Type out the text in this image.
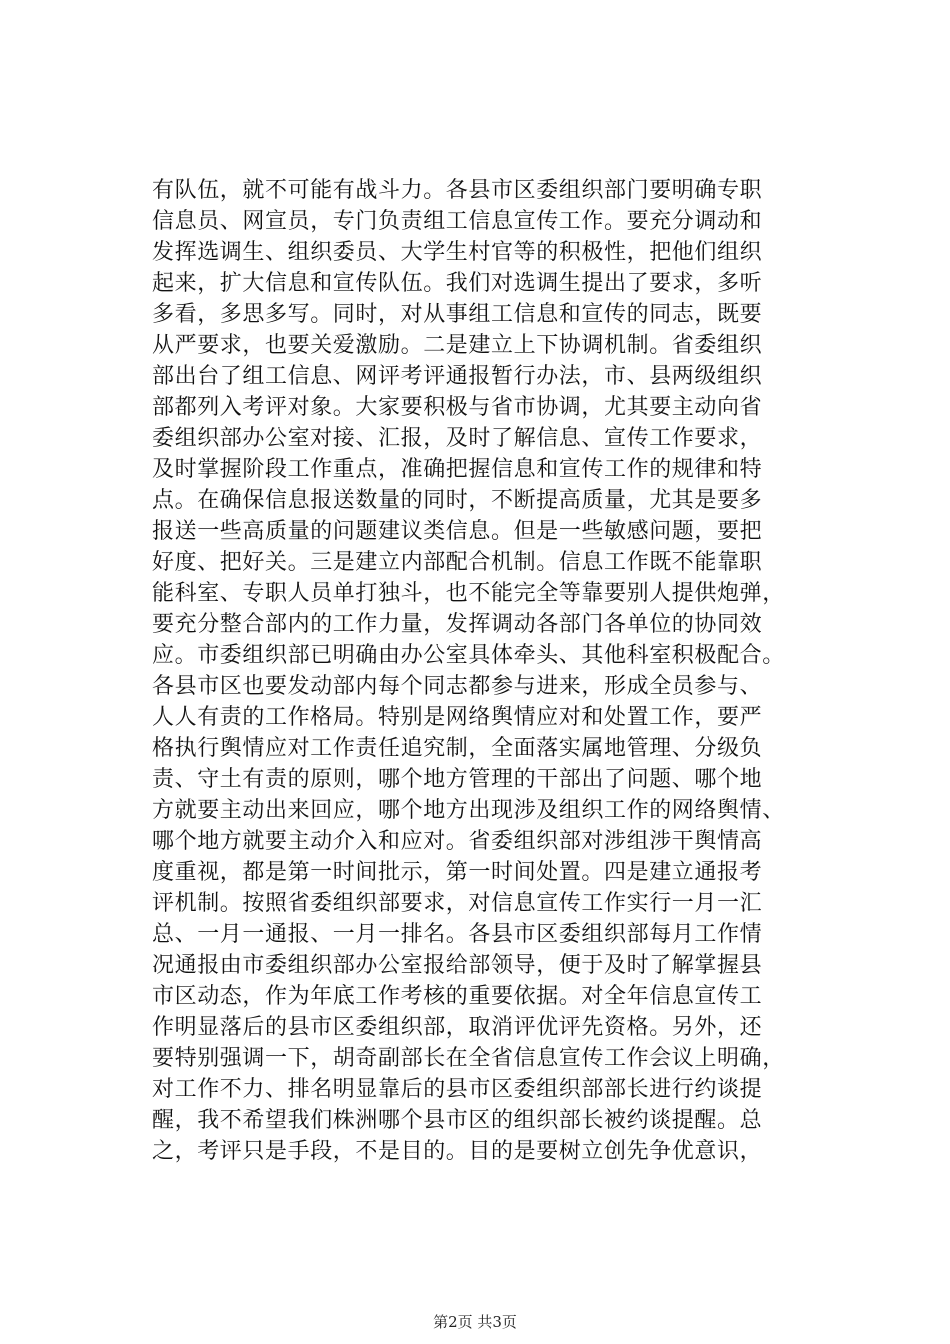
有队伍，就不可能有战斗力。各县市区委组织部门要明确专职
信息员、网宣员，专门负责组工信息宣传工作。要充分调动和
发挥选调生、组织委员、大学生村官等的积极性，把他们组织
起来，扩大信息和宣传队伍。我们对选调生提出了要求，多听
多看，多思多写。同时，对从事组工信息和宣传的同志，既要
从严要求，也要关爱激励。二是建立上下协调机制。省委组织
部出台了组工信息、网评考评通报暂行办法，市、县两级组织
部都列入考评对象。大家要积极与省市协调，尤其要主动向省
委组织部办公室对接、汇报，及时了解信息、宣传工作要求，
及时掌握阶段工作重点，准确把握信息和宣传工作的规律和特
点。在确保信息报送数量的同时，不断提高质量，尤其是要多
报送一些高质量的问题建议类信息。但是一些敏感问题，要把
好度、把好关。三是建立内部配合机制。信息工作既不能靠职
能科室、专职人员单打独斗，也不能完全等靠要别人提供炮弹，
要充分整合部内的工作力量，发挥调动各部门各单位的协同效
应。市委组织部已明确由办公室具体牵头、其他科室积极配合。
各县市区也要发动部内每个同志都参与进来，形成全员参与、
人人有责的工作格局。特别是网络舆情应对和处置工作，要严
格执行舆情应对工作责任追究制，全面落实属地管理、分级负
责、守土有责的原则，哪个地方管理的干部出了问题、哪个地
方就要主动出来回应，哪个地方出现涉及组织工作的网络舆情、
哪个地方就要主动介入和应对。省委组织部对涉组涉干舆情高
度重视，都是第一时间批示，第一时间处置。四是建立通报考
评机制。按照省委组织部要求，对信息宣传工作实行一月一汇
总、一月一通报、一月一排名。各县市区委组织部每月工作情
况通报由市委组织部办公室报给部领导，便于及时了解掌握县
市区动态，作为年底工作考核的重要依据。对全年信息宣传工
作明显落后的县市区委组织部，取消评优评先资格。另外，还
要特别强调一下，胡奇副部长在全省信息宣传工作会议上明确，
对工作不力、排名明显靠后的县市区委组织部部长进行约谈提
醒，我不希望我们株洲哪个县市区的组织部长被约谈提醒。总
之，考评只是手段，不是目的。目的是要树立创先争优意识，
第2页 共3页
